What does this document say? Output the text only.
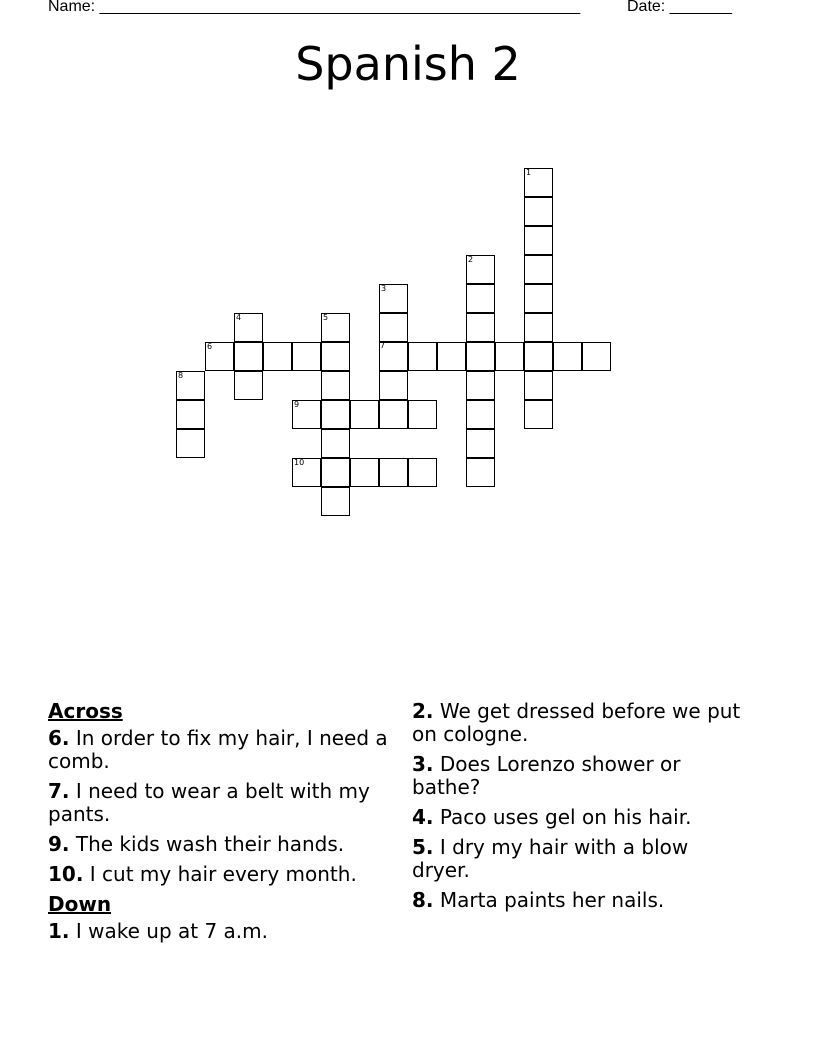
Name: ______________________________________________________	Date: _______
Spanish 2
1
2
3
4	5
6	7
8
9
10
Across
6. In order to fix my hair, I need a comb.
7. I need to wear a belt with my pants.
9. The kids wash their hands.
10. I cut my hair every month.
Down
1. I wake up at 7 a.m.
2. We get dressed before we put on cologne.
3. Does Lorenzo shower or bathe?
4. Paco uses gel on his hair.
5. I dry my hair with a blow dryer.
8. Marta paints her nails.
